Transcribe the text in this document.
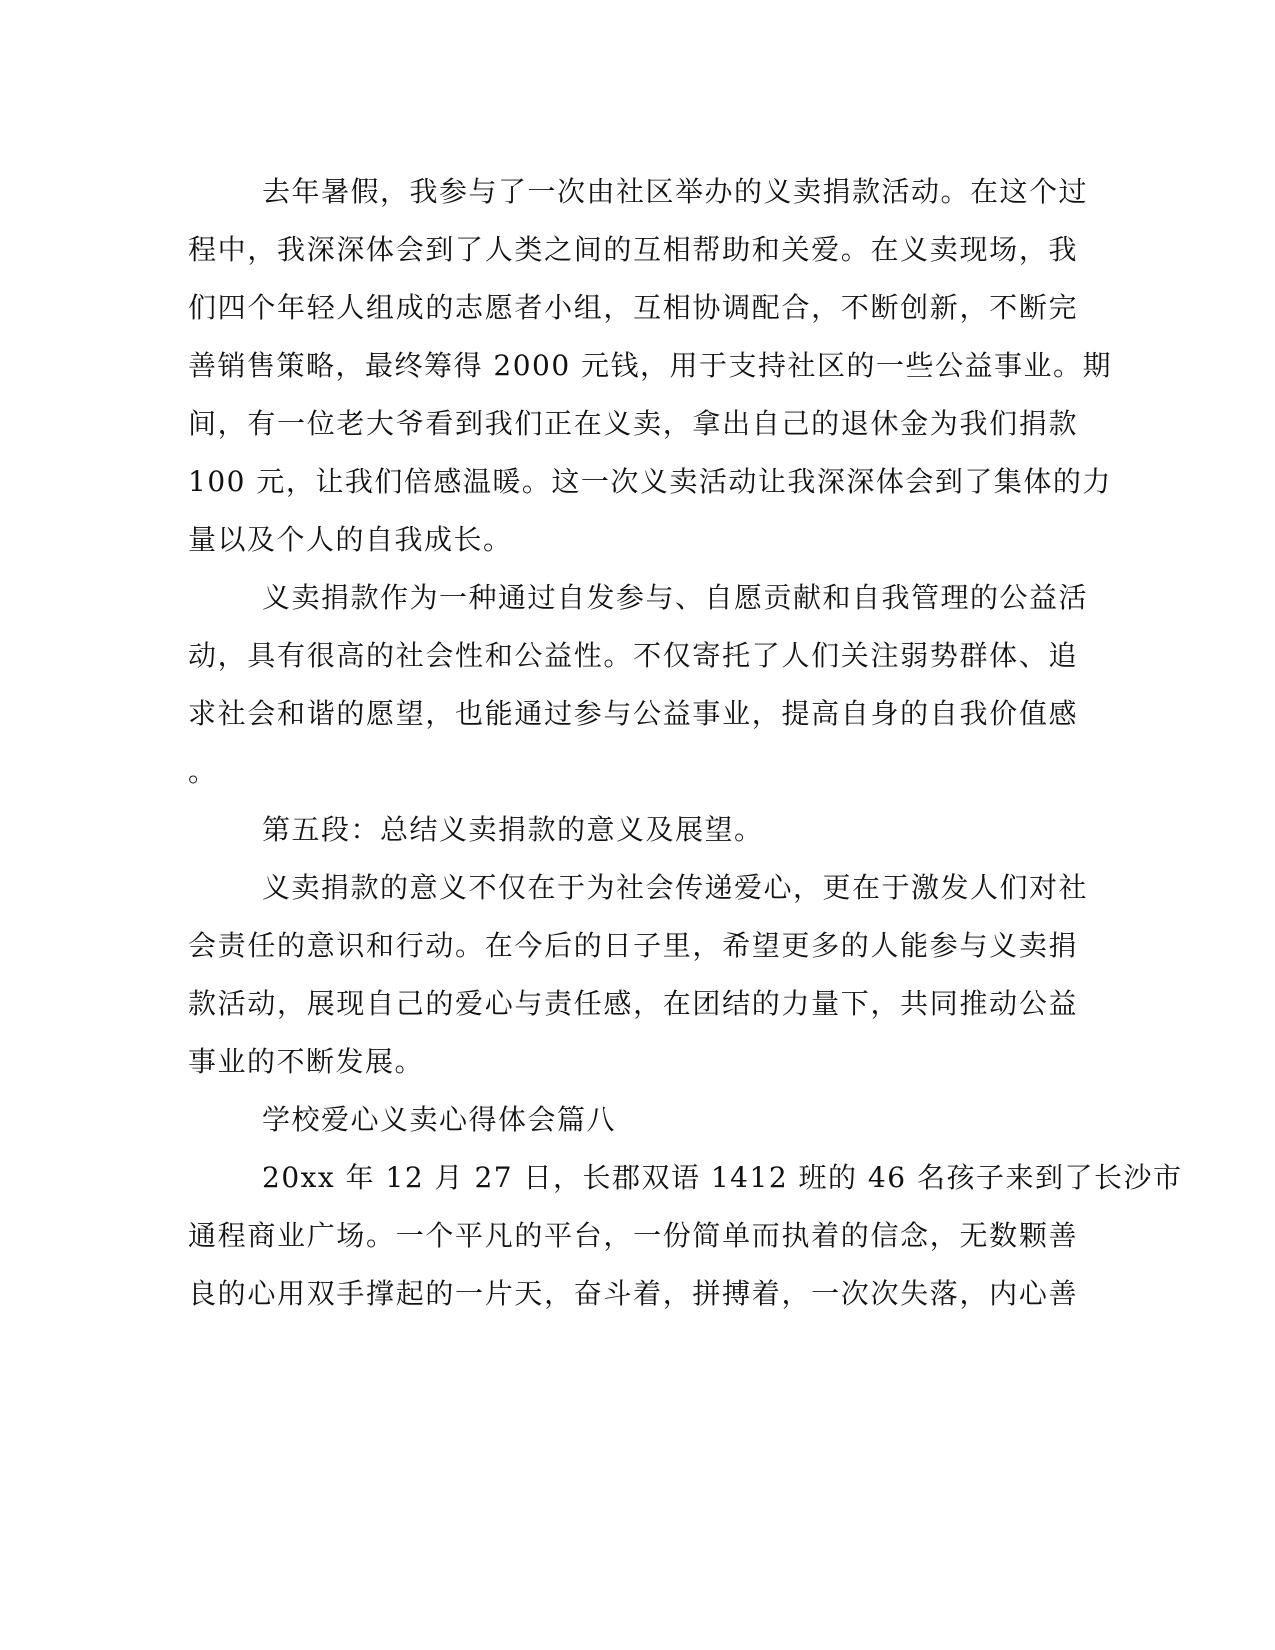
去年暑假，我参与了一次由社区举办的义卖捐款活动。在这个过
程中，我深深体会到了人类之间的互相帮助和关爱。在义卖现场，我
们四个年轻人组成的志愿者小组，互相协调配合，不断创新，不断完
善销售策略，最终筹得 2000 元钱，用于支持社区的一些公益事业。期
间，有一位老大爷看到我们正在义卖，拿出自己的退休金为我们捐款
100 元，让我们倍感温暖。这一次义卖活动让我深深体会到了集体的力
量以及个人的自我成长。
义卖捐款作为一种通过自发参与、自愿贡献和自我管理的公益活
动，具有很高的社会性和公益性。不仅寄托了人们关注弱势群体、追
求社会和谐的愿望，也能通过参与公益事业，提高自身的自我价值感
。
第五段：总结义卖捐款的意义及展望。
义卖捐款的意义不仅在于为社会传递爱心，更在于激发人们对社
会责任的意识和行动。在今后的日子里，希望更多的人能参与义卖捐
款活动，展现自己的爱心与责任感，在团结的力量下，共同推动公益
事业的不断发展。
学校爱心义卖心得体会篇八
20xx 年 12 月 27 日，长郡双语 1412 班的 46 名孩子来到了长沙市
通程商业广场。一个平凡的平台，一份简单而执着的信念，无数颗善
良的心用双手撑起的一片天，奋斗着，拼搏着，一次次失落，内心善
